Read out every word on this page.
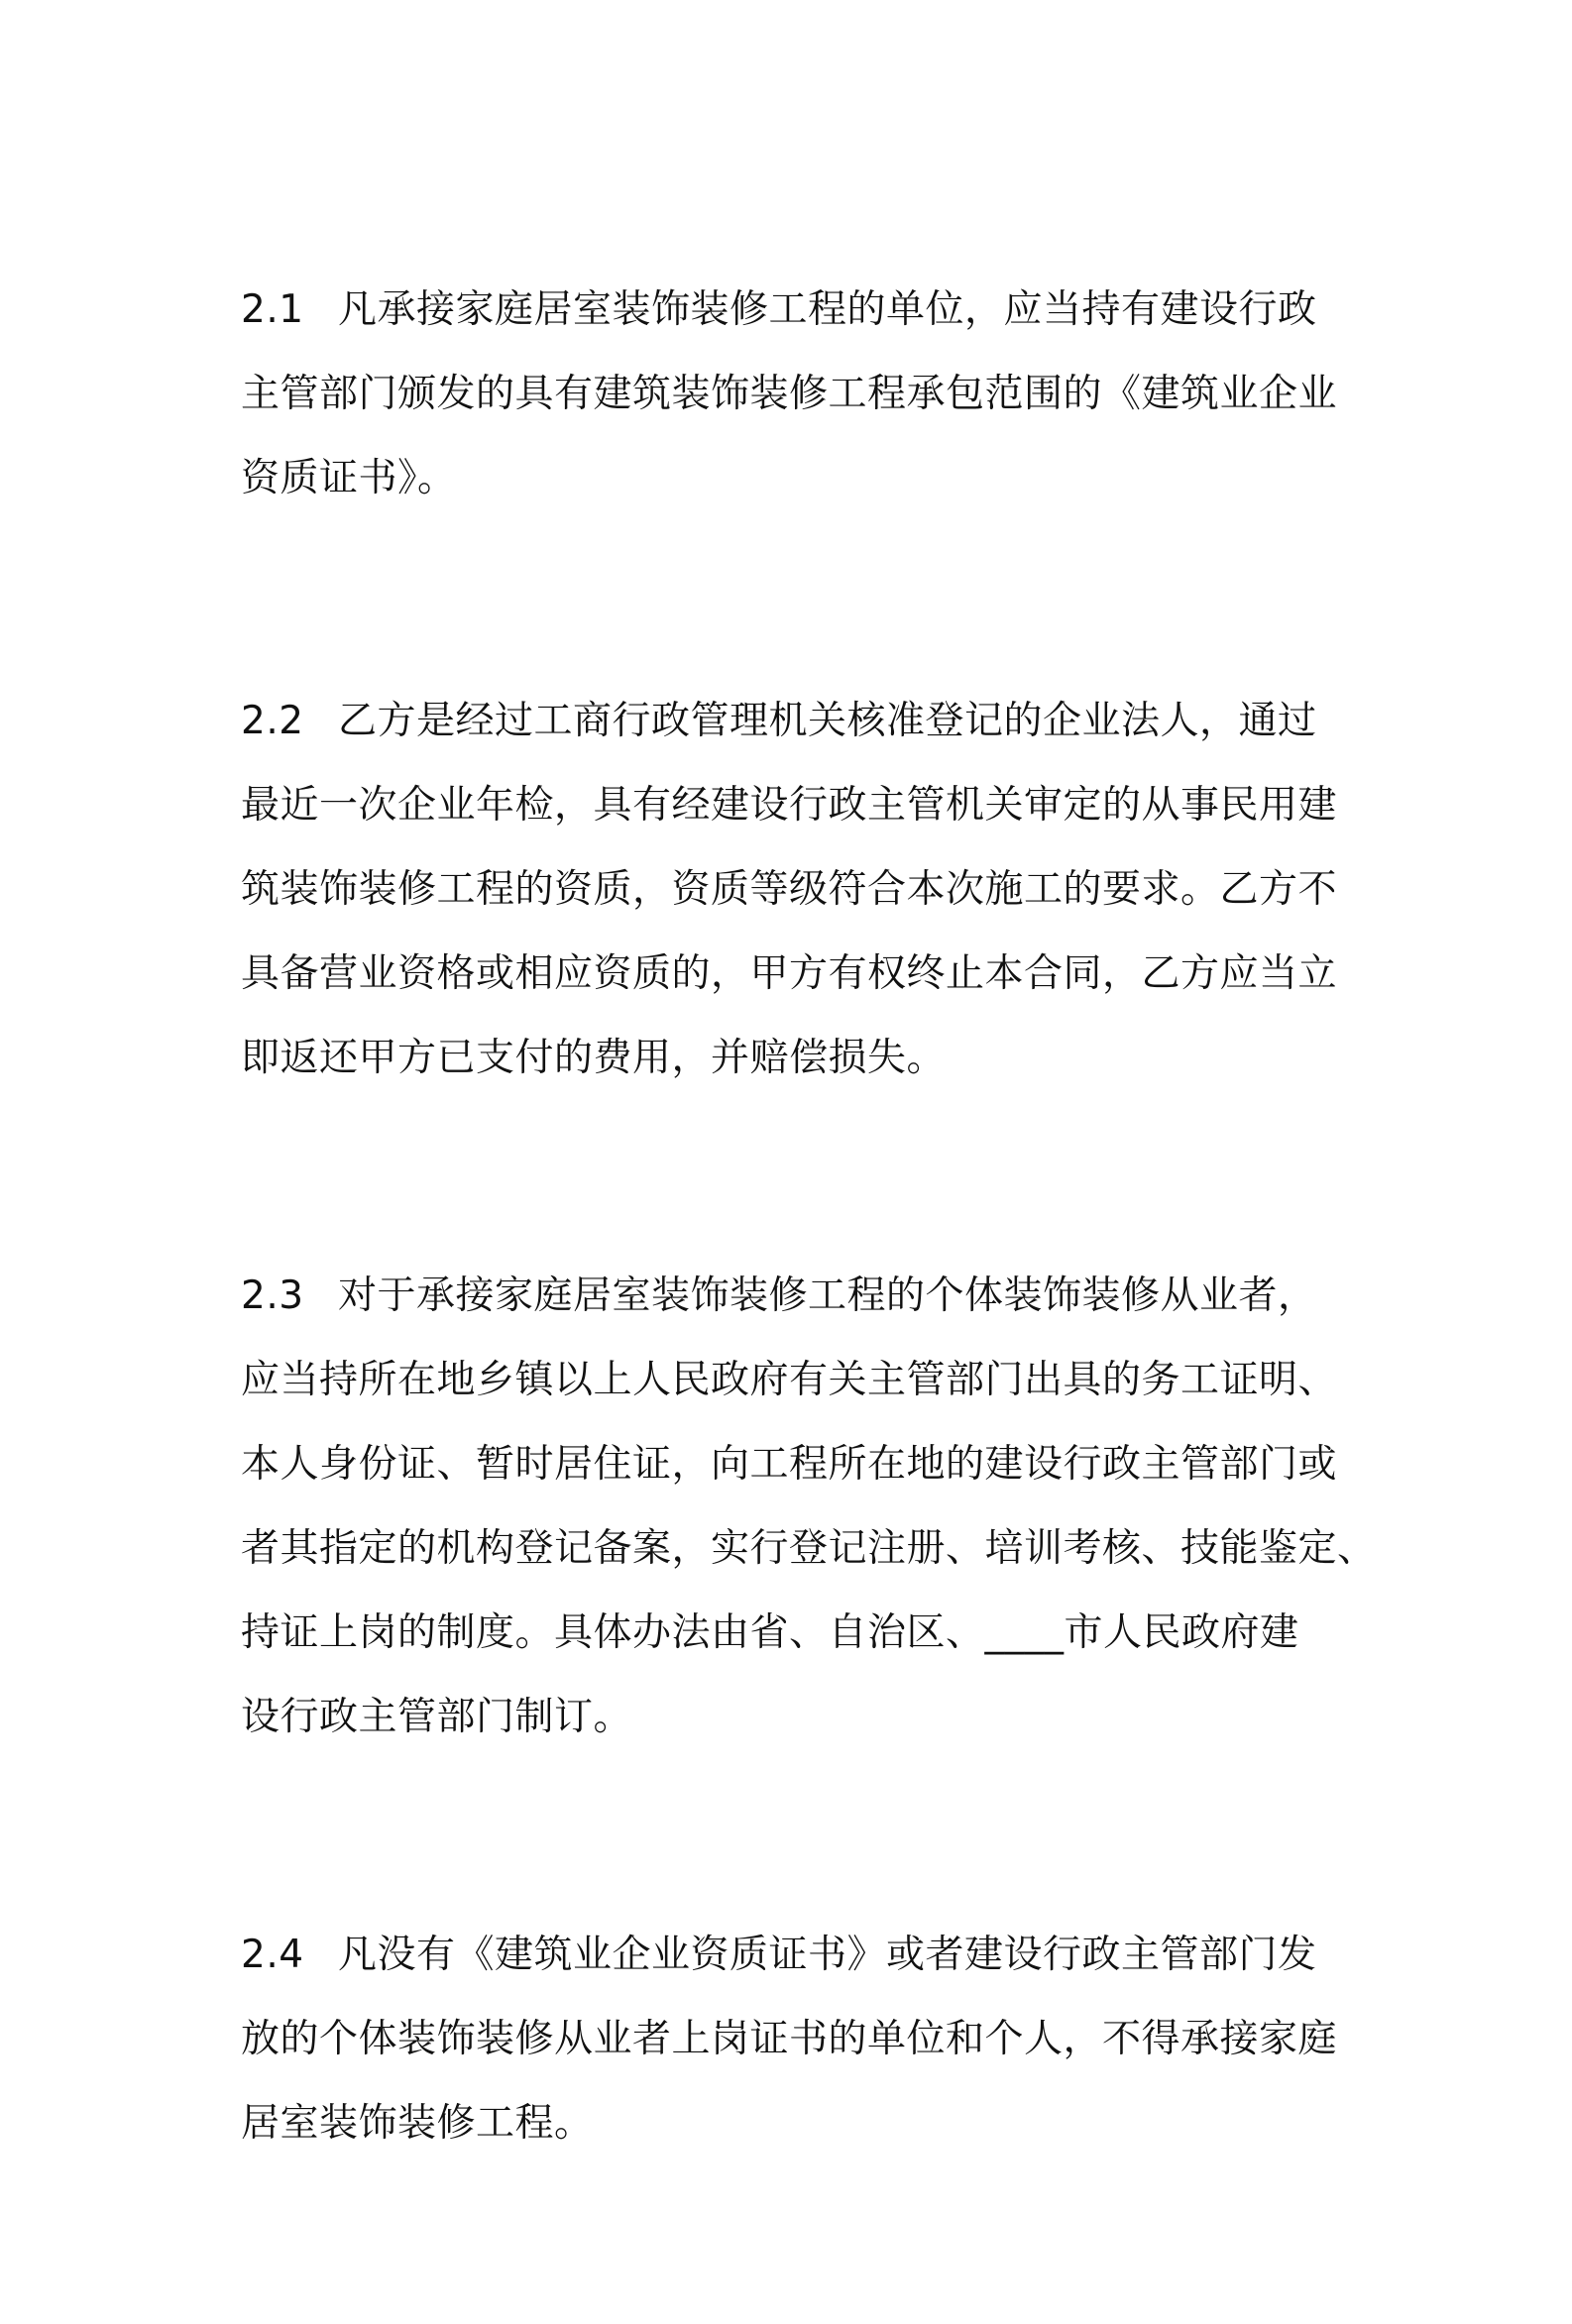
2.1 凡承接家庭居室装饰装修工程的单位，应当持有建设行政
主管部门颁发的具有建筑装饰装修工程承包范围的《建筑业企业
资质证书》。
2.2 乙方是经过工商行政管理机关核准登记的企业法人，通过
最近一次企业年检，具有经建设行政主管机关审定的从事民用建
筑装饰装修工程的资质，资质等级符合本次施工的要求。乙方不
具备营业资格或相应资质的，甲方有权终止本合同，乙方应当立
即返还甲方已支付的费用，并赔偿损失。
2.3 对于承接家庭居室装饰装修工程的个体装饰装修从业者，
应当持所在地乡镇以上人民政府有关主管部门出具的务工证明、
本人身份证、暂时居住证，向工程所在地的建设行政主管部门或
者其指定的机构登记备案，实行登记注册、培训考核、技能鉴定、
持证上岗的制度。具体办法由省、自治区、____市人民政府建
设行政主管部门制订。
2.4 凡没有《建筑业企业资质证书》或者建设行政主管部门发
放的个体装饰装修从业者上岗证书的单位和个人，不得承接家庭
居室装饰装修工程。
